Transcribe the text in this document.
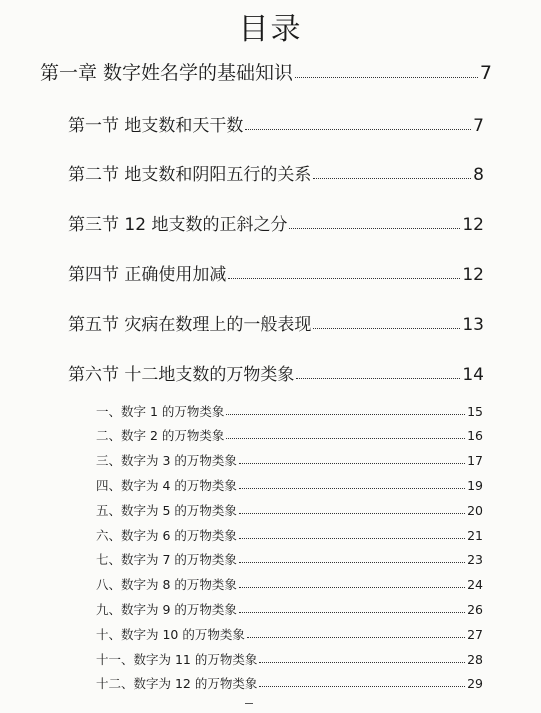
目录
第一章 数字姓名学的基础知识	7
第一节 地支数和天干数	7
第二节 地支数和阴阳五行的关系	8
第三节 12 地支数的正斜之分	12
第四节 正确使用加减	12
第五节 灾病在数理上的一般表现	13
第六节 十二地支数的万物类象	14
一、数字 1 的万物类象	15
二、数字 2 的万物类象	16
三、数字为 3 的万物类象	17
四、数字为 4 的万物类象	19
五、数字为 5 的万物类象	20
六、数字为 6 的万物类象	21
七、数字为 7 的万物类象	23
八、数字为 8 的万物类象	24
九、数字为 9 的万物类象	26
十、数字为 10 的万物类象	27
十一、数字为 11 的万物类象	28
十二、数字为 12 的万物类象	29
